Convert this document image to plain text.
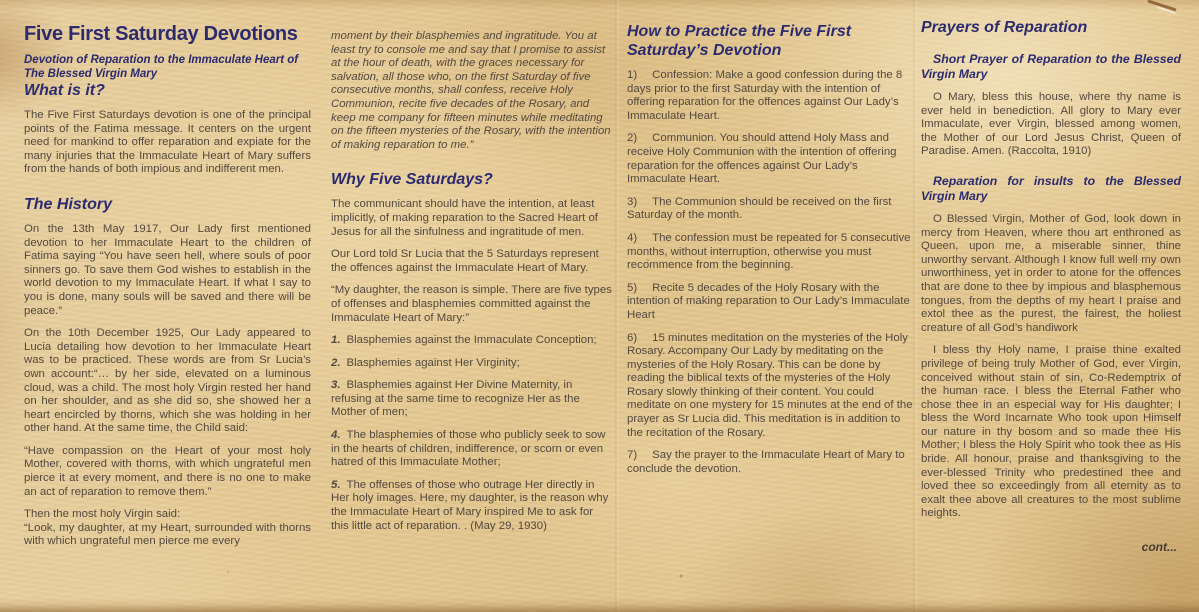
Five First Saturday Devotions
Devotion of Reparation to the Immaculate Heart of The Blessed Virgin Mary
What is it?
The Five First Saturdays devotion is one of the principal points of the Fatima message. It centers on the urgent need for mankind to offer reparation and expiate for the many injuries that the Immaculate Heart of Mary suffers from the hands of both impious and indifferent men.
The History
On the 13th May 1917, Our Lady first mentioned devotion to her Immaculate Heart to the children of Fatima saying “You have seen hell, where souls of poor sinners go. To save them God wishes to establish in the world devotion to my Immaculate Heart. If what I say to you is done, many souls will be saved and there will be peace.”
On the 10th December 1925, Our Lady appeared to Lucia detailing how devotion to her Immaculate Heart was to be practiced. These words are from Sr Lucia’s own account:“… by her side, elevated on a luminous cloud, was a child. The most holy Virgin rested her hand on her shoulder, and as she did so, she showed her a heart encircled by thorns, which she was holding in her other hand. At the same time, the Child said:
“Have compassion on the Heart of your most holy Mother, covered with thorns, with which ungrateful men pierce it at every moment, and there is no one to make an act of reparation to remove them.”
Then the most holy Virgin said:
“Look, my daughter, at my Heart, surrounded with thorns with which ungrateful men pierce me every
moment by their blasphemies and ingratitude. You at least try to console me and say that I promise to assist at the hour of death, with the graces necessary for salvation, all those who, on the first Saturday of five consecutive months, shall confess, receive Holy Communion, recite five decades of the Rosary, and keep me company for fifteen minutes while meditating on the fifteen mysteries of the Rosary, with the intention of making reparation to me.”
Why Five Saturdays?
The communicant should have the intention, at least implicitly, of making reparation to the Sacred Heart of Jesus for all the sinfulness and ingratitude of men.
Our Lord told Sr Lucia that the 5 Saturdays represent the offences against the Immaculate Heart of Mary.
“My daughter, the reason is simple. There are five types of offenses and blasphemies committed against the Immaculate Heart of Mary:”
1. Blasphemies against the Immaculate Conception;
2. Blasphemies against Her Virginity;
3. Blasphemies against Her Divine Maternity, in refusing at the same time to recognize Her as the Mother of men;
4. The blasphemies of those who publicly seek to sow in the hearts of children, indifference, or scorn or even hatred of this Immaculate Mother;
5. The offenses of those who outrage Her directly in Her holy images. Here, my daughter, is the reason why the Immaculate Heart of Mary inspired Me to ask for this little act of reparation. . (May 29, 1930)
How to Practice the Five First Saturday’s Devotion
1) Confession: Make a good confession during the 8 days prior to the first Saturday with the intention of offering reparation for the offences against Our Lady’s Immaculate Heart.
2) Communion. You should attend Holy Mass and receive Holy Communion with the intention of offering reparation for the offences against Our Lady’s Immaculate Heart.
3) The Communion should be received on the first Saturday of the month.
4) The confession must be repeated for 5 consecutive months, without interruption, otherwise you must recommence from the beginning.
5) Recite 5 decades of the Holy Rosary with the intention of making reparation to Our Lady’s Immaculate Heart
6) 15 minutes meditation on the mysteries of the Holy Rosary. Accompany Our Lady by meditating on the mysteries of the Holy Rosary. This can be done by reading the biblical texts of the mysteries of the Holy Rosary slowly thinking of their content. You could meditate on one mystery for 15 minutes at the end of the prayer as Sr Lucia did. This meditation is in addition to the recitation of the Rosary.
7) Say the prayer to the Immaculate Heart of Mary to conclude the devotion.
Prayers of Reparation
Short Prayer of Reparation to the Blessed Virgin Mary
O Mary, bless this house, where thy name is ever held in benediction. All glory to Mary ever Immaculate, ever Virgin, blessed among women, the Mother of our Lord Jesus Christ, Queen of Paradise. Amen. (Raccolta, 1910)
Reparation for insults to the Blessed Virgin Mary
O Blessed Virgin, Mother of God, look down in mercy from Heaven, where thou art enthroned as Queen, upon me, a miserable sinner, thine unworthy servant. Although I know full well my own unworthiness, yet in order to atone for the offences that are done to thee by impious and blasphemous tongues, from the depths of my heart I praise and extol thee as the purest, the fairest, the holiest creature of all God’s handiwork
I bless thy Holy name, I praise thine exalted privilege of being truly Mother of God, ever Virgin, conceived without stain of sin, Co-Redemptrix of the human race. I bless the Eternal Father who chose thee in an especial way for His daughter; I bless the Word Incarnate Who took upon Himself our nature in thy bosom and so made thee His Mother; I bless the Holy Spirit who took thee as His bride. All honour, praise and thanksgiving to the ever-blessed Trinity who predestined thee and loved thee so exceedingly from all eternity as to exalt thee above all creatures to the most sublime heights.
cont...
